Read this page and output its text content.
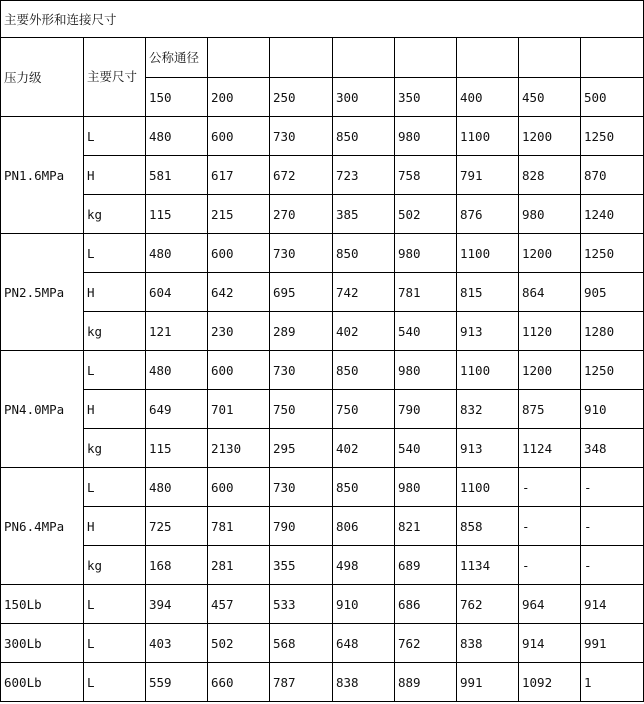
主要外形和连接尺寸									
压力级	主要尺寸	公称通径							
		150	200	250	300	350	400	450	500
PN1.6MPa	L	480	600	730	850	980	1100	1200	1250
	H	581	617	672	723	758	791	828	870
	kg	115	215	270	385	502	876	980	1240
PN2.5MPa	L	480	600	730	850	980	1100	1200	1250
	H	604	642	695	742	781	815	864	905
	kg	121	230	289	402	540	913	1120	1280
PN4.0MPa	L	480	600	730	850	980	1100	1200	1250
	H	649	701	750	750	790	832	875	910
	kg	115	2130	295	402	540	913	1124	348
PN6.4MPa	L	480	600	730	850	980	1100	-	-
	H	725	781	790	806	821	858	-	-
	kg	168	281	355	498	689	1134	-	-
150Lb	L	394	457	533	910	686	762	964	914
300Lb	L	403	502	568	648	762	838	914	991
600Lb	L	559	660	787	838	889	991	1092	1
